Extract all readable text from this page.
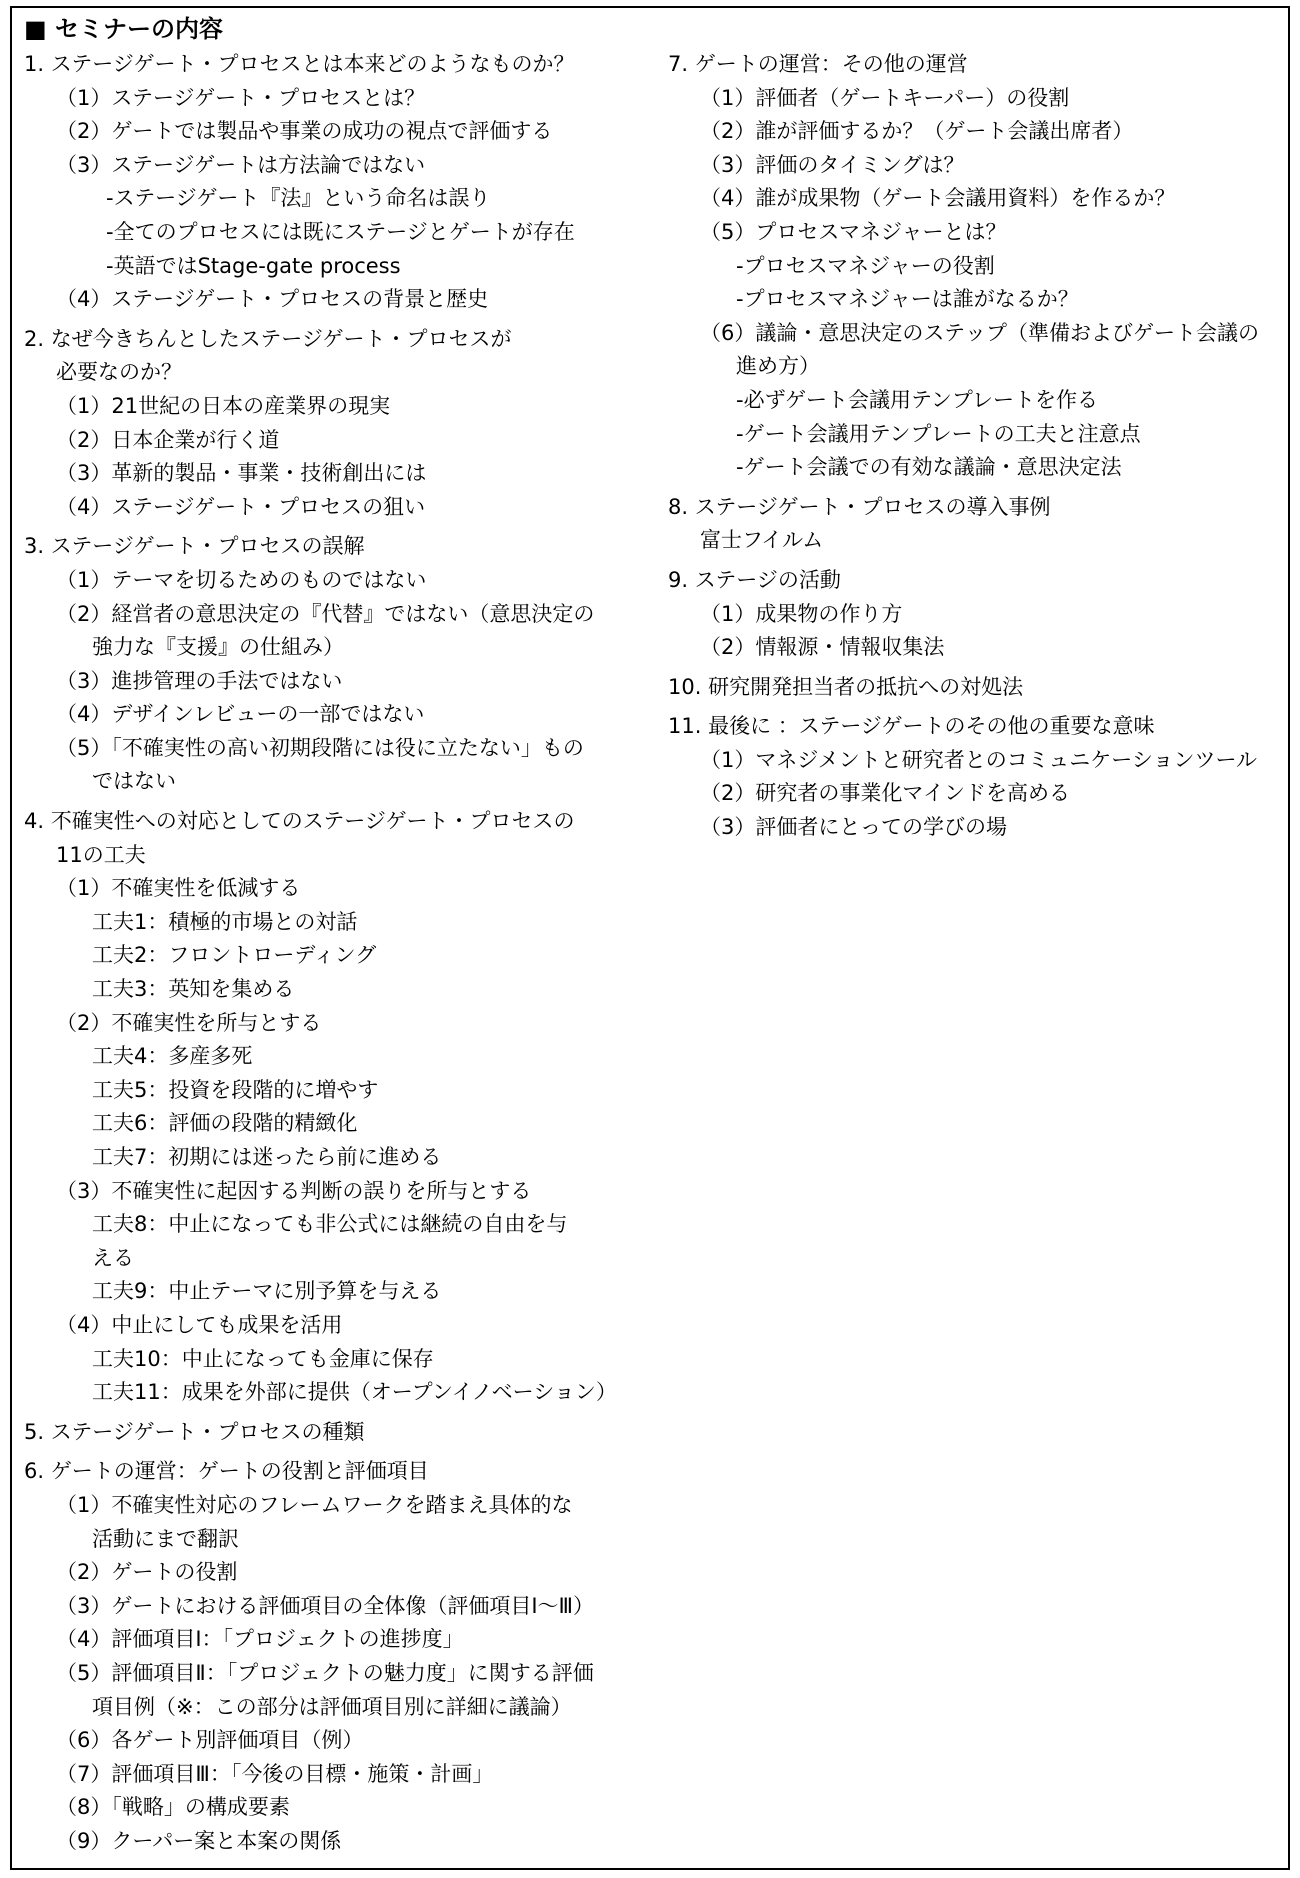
■ セミナーの内容
1. ステージゲート・プロセスとは本来どのようなものか？
（1）ステージゲート・プロセスとは？
（2）ゲートでは製品や事業の成功の視点で評価する
（3）ステージゲートは方法論ではない
-ステージゲート『法』という命名は誤り
-全てのプロセスには既にステージとゲートが存在
-英語ではStage-gate process
（4）ステージゲート・プロセスの背景と歴史
2. なぜ今きちんとしたステージゲート・プロセスが
必要なのか？
（1）21世紀の日本の産業界の現実
（2）日本企業が行く道
（3）革新的製品・事業・技術創出には
（4）ステージゲート・プロセスの狙い
3. ステージゲート・プロセスの誤解
（1）テーマを切るためのものではない
（2）経営者の意思決定の『代替』ではない（意思決定の
強力な『支援』の仕組み）
（3）進捗管理の手法ではない
（4）デザインレビューの一部ではない
（5）「不確実性の高い初期段階には役に立たない」もの
ではない
4. 不確実性への対応としてのステージゲート・プロセスの
11の工夫
（1）不確実性を低減する
工夫1：積極的市場との対話
工夫2：フロントローディング
工夫3：英知を集める
（2）不確実性を所与とする
工夫4：多産多死
工夫5：投資を段階的に増やす
工夫6：評価の段階的精緻化
工夫7：初期には迷ったら前に進める
（3）不確実性に起因する判断の誤りを所与とする
工夫8：中止になっても非公式には継続の自由を与
える
工夫9：中止テーマに別予算を与える
（4）中止にしても成果を活用
工夫10：中止になっても金庫に保存
工夫11：成果を外部に提供（オープンイノベーション）
5. ステージゲート・プロセスの種類
6. ゲートの運営：ゲートの役割と評価項目
（1）不確実性対応のフレームワークを踏まえ具体的な
活動にまで翻訳
（2）ゲートの役割
（3）ゲートにおける評価項目の全体像（評価項目Ⅰ～Ⅲ）
（4）評価項目Ⅰ：「プロジェクトの進捗度」
（5）評価項目Ⅱ：「プロジェクトの魅力度」に関する評価
項目例（※：この部分は評価項目別に詳細に議論）
（6）各ゲート別評価項目（例）
（7）評価項目Ⅲ：「今後の目標・施策・計画」
（8）「戦略」の構成要素
（9）クーパー案と本案の関係
7. ゲートの運営：その他の運営
（1）評価者（ゲートキーパー）の役割
（2）誰が評価するか？（ゲート会議出席者）
（3）評価のタイミングは？
（4）誰が成果物（ゲート会議用資料）を作るか？
（5）プロセスマネジャーとは？
-プロセスマネジャーの役割
-プロセスマネジャーは誰がなるか？
（6）議論・意思決定のステップ（準備およびゲート会議の
進め方）
-必ずゲート会議用テンプレートを作る
-ゲート会議用テンプレートの工夫と注意点
-ゲート会議での有効な議論・意思決定法
8. ステージゲート・プロセスの導入事例
富士フイルム
9. ステージの活動
（1）成果物の作り方
（2）情報源・情報収集法
10. 研究開発担当者の抵抗への対処法
11. 最後に ：ステージゲートのその他の重要な意味
（1）マネジメントと研究者とのコミュニケーションツール
（2）研究者の事業化マインドを高める
（3）評価者にとっての学びの場
